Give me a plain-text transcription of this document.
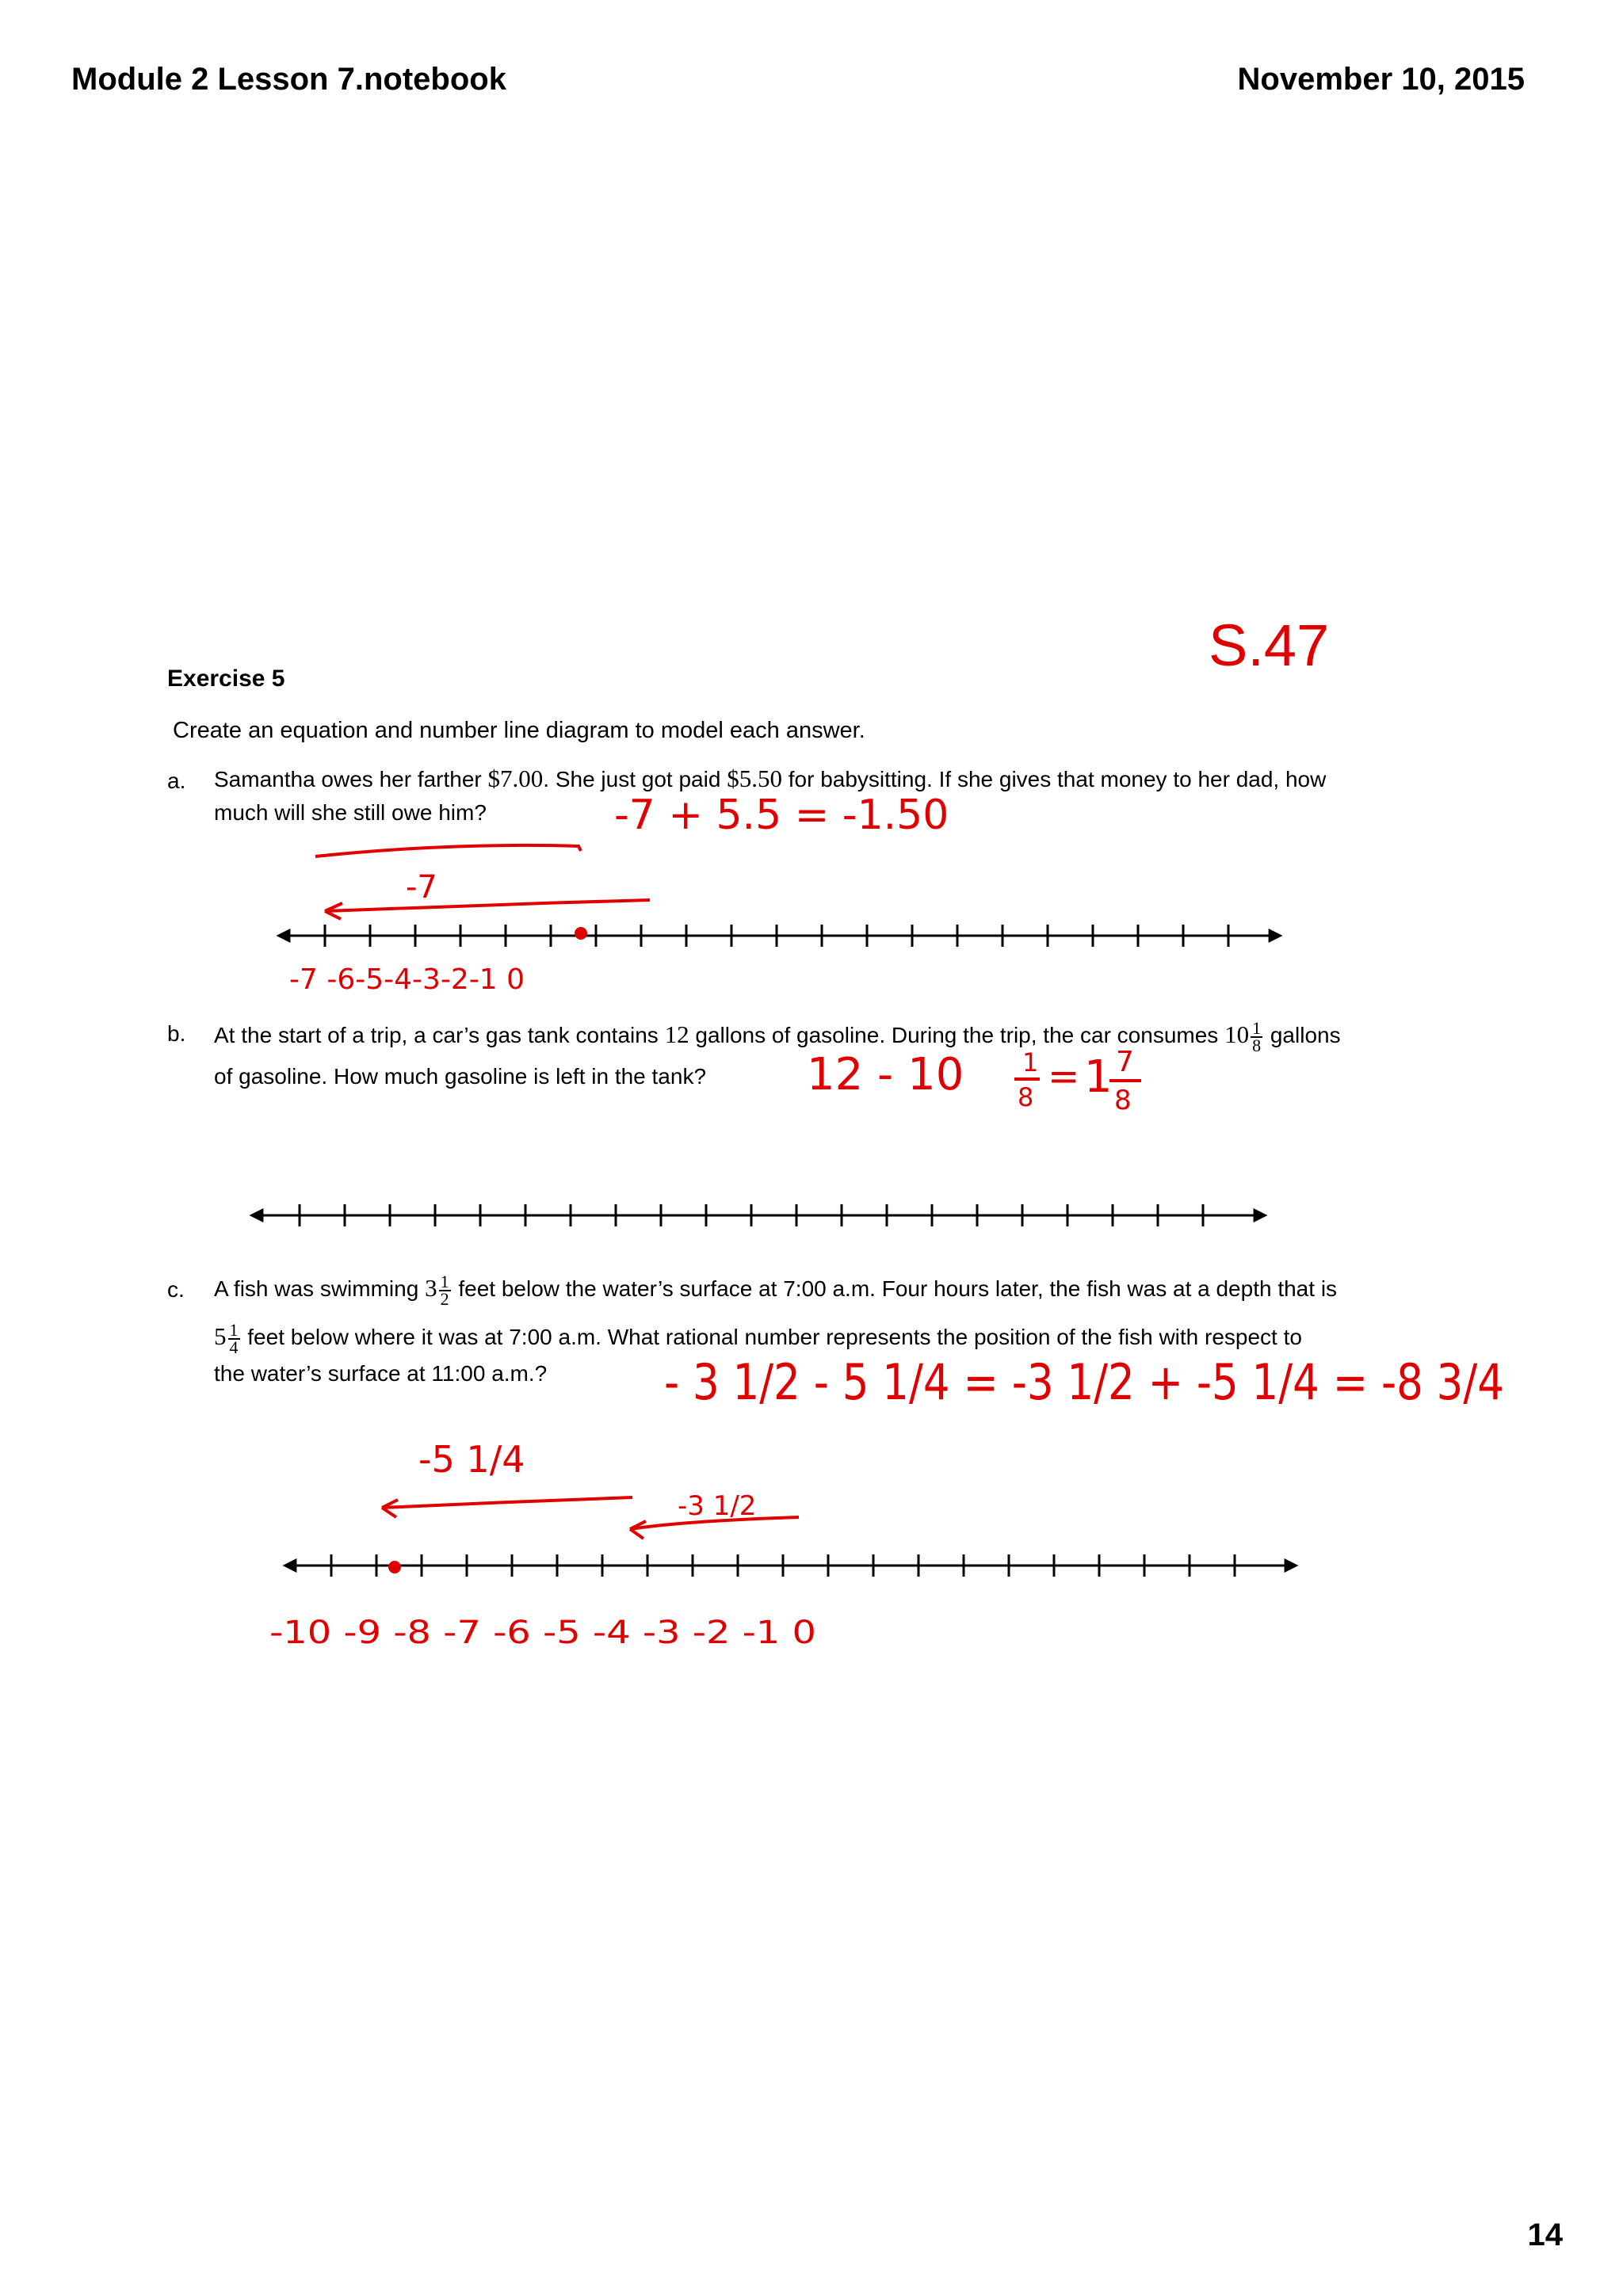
Module 2 Lesson 7.notebook	November 10, 2015
S.47
Exercise 5
Create an equation and number line diagram to model each answer.
a. Samantha owes her farther $7.00. She just got paid $5.50 for babysitting. If she gives that money to her dad, how
much will she still owe him?
b. At the start of a trip, a car’s gas tank contains 12 gallons of gasoline. During the trip, the car consumes $10 \frac{1}{8}$ gallons
of gasoline. How much gasoline is left in the tank?
c. A fish was swimming $3 \frac{1}{2}$ feet below the water’s surface at 7:00 a.m. Four hours later, the fish was at a depth that is
$5 \frac{1}{4}$ feet below where it was at 7:00 a.m. What rational number represents the position of the fish with respect to
the water’s surface at 11:00 a.m.?
-7 + 5.5 = -1.50
-7
-7 -6-5-4-3-2-1 0
12 - 10 1
8 = 1 7
8
- 3 1/2 - 5 1/4 = -3 1/2 + -5 1/4 = -8 3/4
-5 1/4
-3 1/2
-10 -9 -8 -7 -6 -5 -4 -3 -2 -1 0
14
